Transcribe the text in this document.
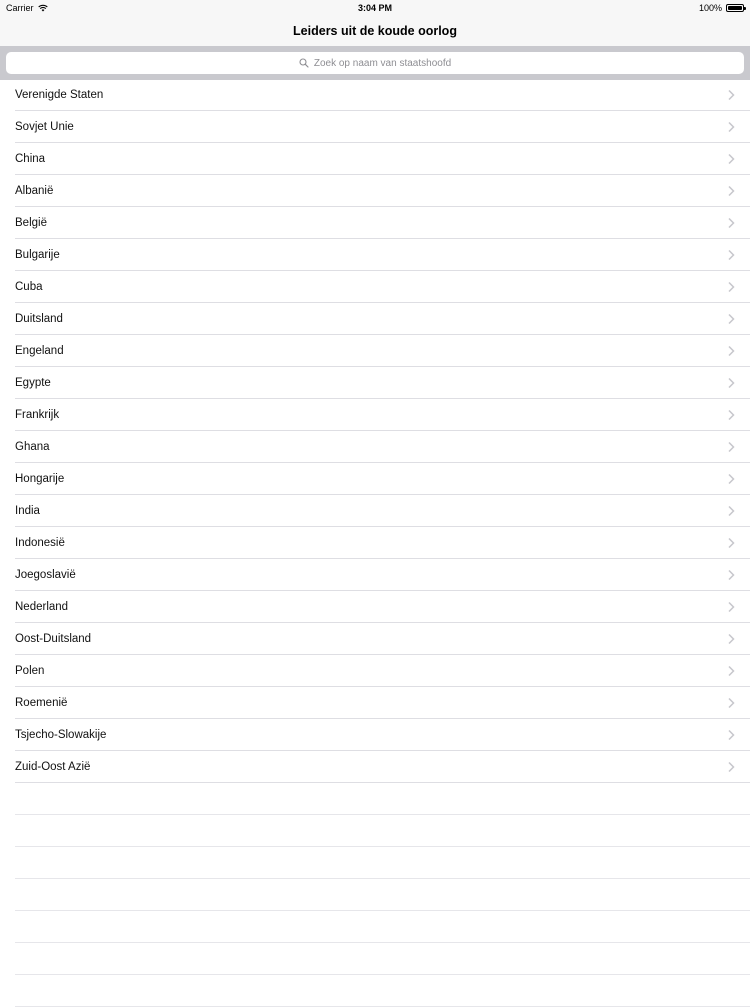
Carrier	3:04 PM	100%
Leiders uit de koude oorlog
Zoek op naam van staatshoofd
Verenigde Staten
Sovjet Unie
China
Albanië
België
Bulgarije
Cuba
Duitsland
Engeland
Egypte
Frankrijk
Ghana
Hongarije
India
Indonesië
Joegoslavië
Nederland
Oost-Duitsland
Polen
Roemenië
Tsjecho-Slowakije
Zuid-Oost Azië
